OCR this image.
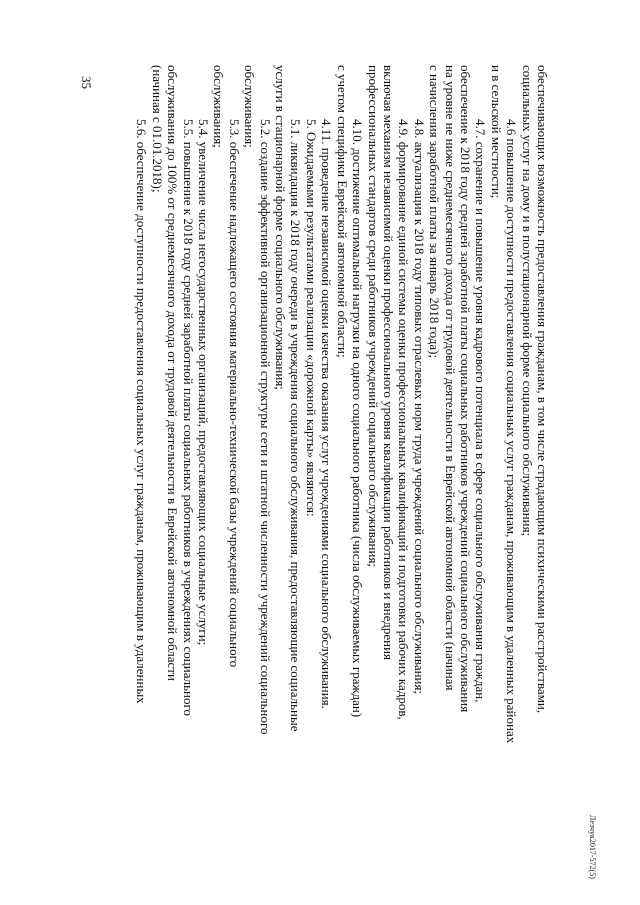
35	обеспечивающих возможность предоставления гражданам, в том числе страдающим психическими расстройствами,
социальных услуг на дому и в полустационарной форме социального обслуживания;
4.6 повышение доступности предоставления социальных услуг гражданам, проживающим в удаленных районах
и в сельской местности;
4.7. сохранение и повышение уровня кадрового потенциала в сфере социального обслуживания граждан,
обеспечение к 2018 году средней заработной платы социальных работников учреждений социального обслуживания
на уровне не ниже среднемесячного дохода от трудовой деятельности в Еврейской автономной области (начиная
с начисления заработной платы за январь 2018 года);
4.8. актуализация к 2018 году типовых отраслевых норм труда учреждений социального обслуживания;
4.9. формирование единой системы оценки профессиональных квалификаций и подготовки рабочих кадров,
включая механизм независимой оценки профессионального уровня квалификации работников и внедрения
профессиональных стандартов среди работников учреждений социального обслуживания;
4.10. достижение оптимальной нагрузки на одного социального работника (числа обслуживаемых граждан)
с учетом специфики Еврейской автономной области;
4.11. проведение независимой оценки качества оказания услуг учреждениями социального обслуживания.
5. Ожидаемыми результатами реализации «дорожной карты» являются:
5.1. ликвидация к 2018 году очереди в учреждения социального обслуживания, предоставляющие социальные
услуги в стационарной форме социального обслуживания;
5.2. создание эффективной организационной структуры сети и штатной численности учреждений социального
обслуживания;
5.3. обеспечение надлежащего состояния материально-технической базы учреждений социального
обслуживания;
5.4. увеличение числа негосударственных организаций, предоставляющих социальные услуги;
5.5. повышение к 2018 году средней заработной платы социальных работников в учреждениях социального
обслуживания до 100% от среднемесячного дохода от трудовой деятельности в Еврейской автономной области
(начиная с 01.01.2018);
5.6. обеспечение доступности предоставления социальных услуг гражданам, проживающим в удаленных
Лезчук2017-572(5)
